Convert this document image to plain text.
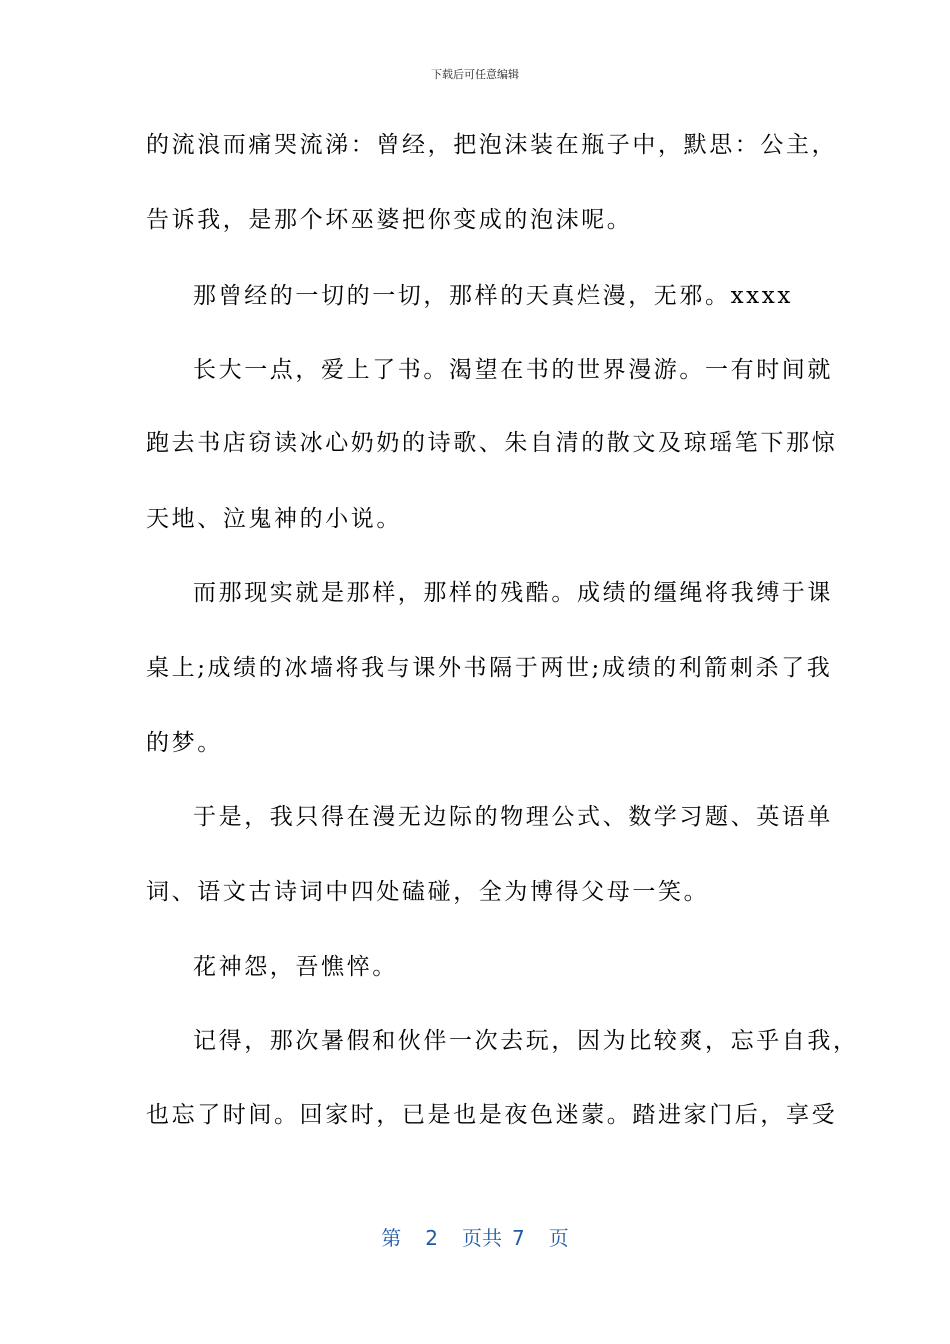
下载后可任意编辑
的流浪而痛哭流涕：曾经，把泡沫装在瓶子中，默思：公主，
告诉我，是那个坏巫婆把你变成的泡沫呢。
那曾经的一切的一切，那样的天真烂漫，无邪。xxxx
长大一点，爱上了书。渴望在书的世界漫游。一有时间就
跑去书店窃读冰心奶奶的诗歌、朱自清的散文及琼瑶笔下那惊
天地、泣鬼神的小说。
而那现实就是那样，那样的残酷。成绩的缰绳将我缚于课
桌上;成绩的冰墙将我与课外书隔于两世;成绩的利箭刺杀了我
的梦。
于是，我只得在漫无边际的物理公式、数学习题、英语单
词、语文古诗词中四处磕碰，全为博得父母一笑。
花神怨，吾憔悴。
记得，那次暑假和伙伴一次去玩，因为比较爽，忘乎自我，
也忘了时间。回家时，已是也是夜色迷蒙。踏进家门后，享受
第 2 页共 7 页
